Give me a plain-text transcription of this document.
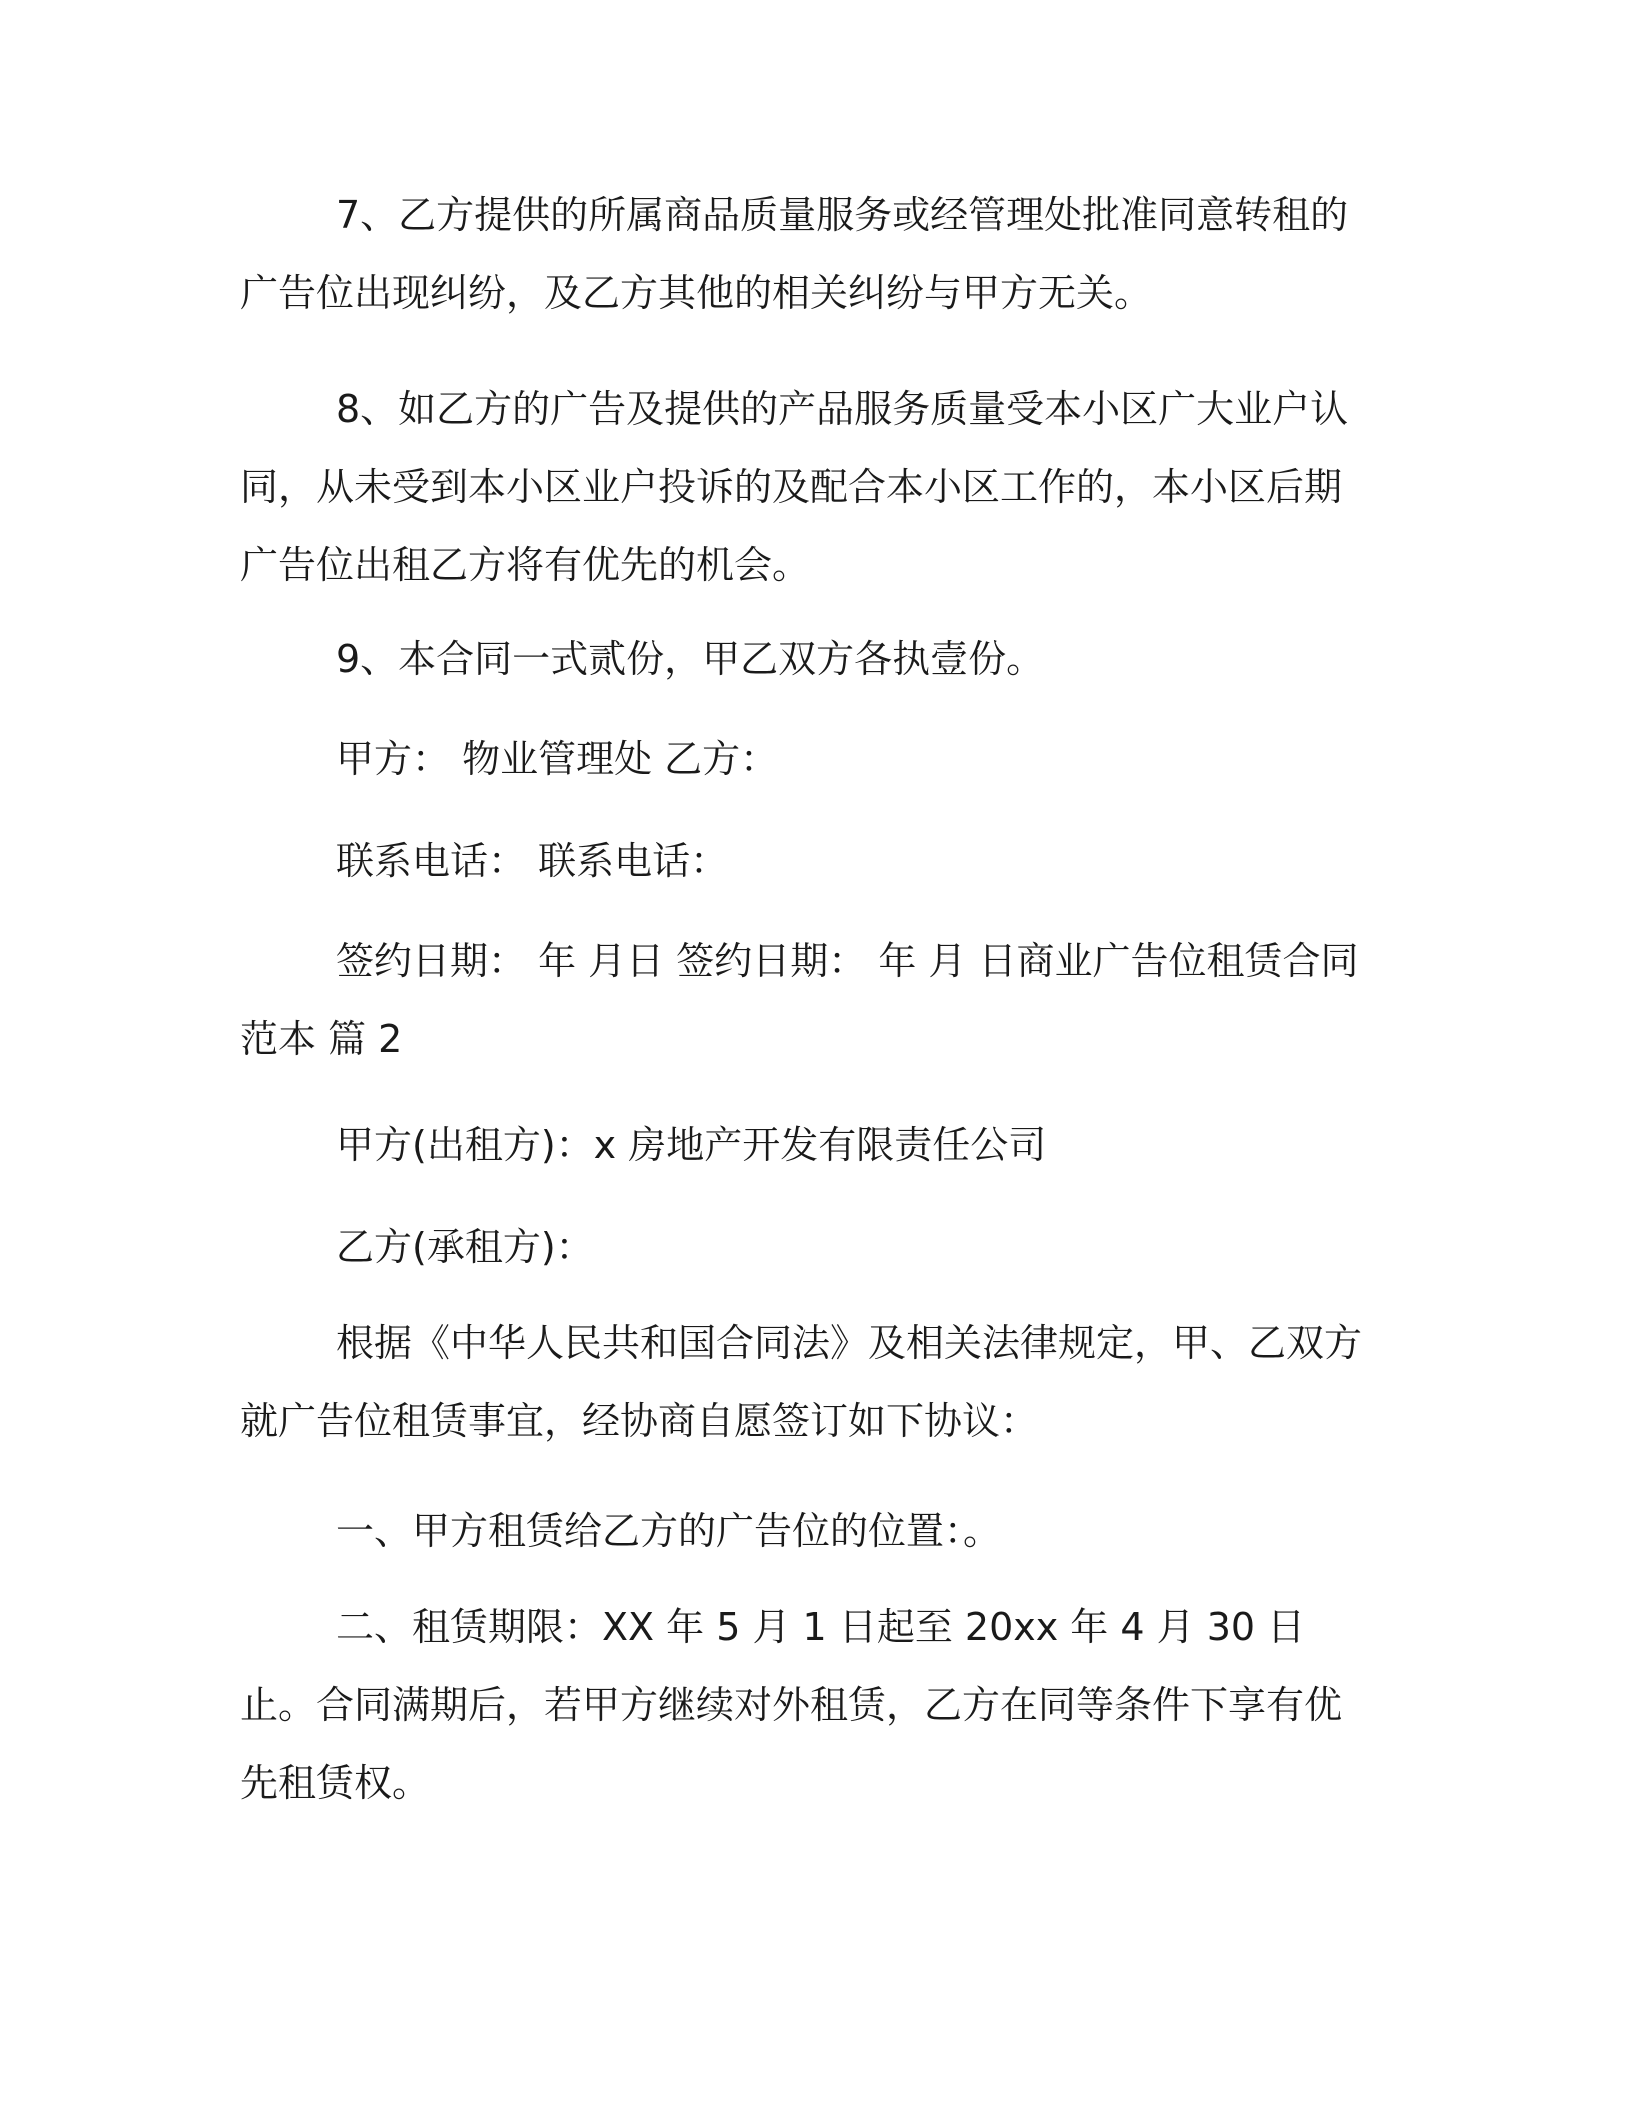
7、乙方提供的所属商品质量服务或经管理处批准同意转租的广告位出现纠纷，及乙方其他的相关纠纷与甲方无关。

8、如乙方的广告及提供的产品服务质量受本小区广大业户认同，从未受到本小区业户投诉的及配合本小区工作的，本小区后期广告位出租乙方将有优先的机会。

9、本合同一式贰份，甲乙双方各执壹份。

甲方： 物业管理处 乙方：

联系电话： 联系电话：

签约日期： 年 月日 签约日期： 年 月 日商业广告位租赁合同范本 篇 2

甲方(出租方)：x 房地产开发有限责任公司

乙方(承租方)：

根据《中华人民共和国合同法》及相关法律规定，甲、乙双方就广告位租赁事宜，经协商自愿签订如下协议：

一、甲方租赁给乙方的广告位的位置：。

二、租赁期限：XX 年 5 月 1 日起至 20xx 年 4 月 30 日止。合同满期后，若甲方继续对外租赁，乙方在同等条件下享有优先租赁权。
